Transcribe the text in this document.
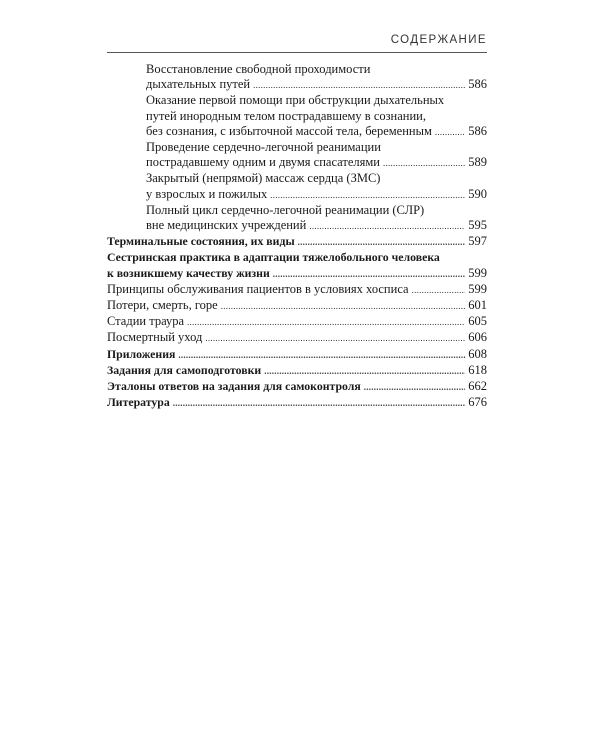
СОДЕРЖАНИЕ
Восстановление свободной проходимости
дыхательных путей . . .	586
Оказание первой помощи при обструкции дыхательных
путей инородным телом пострадавшему в сознании,
без сознания, с избыточной массой тела, беременным . . .	586
Проведение сердечно-легочной реанимации
пострадавшему одним и двумя спасателями . . .	589
Закрытый (непрямой) массаж сердца (ЗМС)
у взрослых и пожилых . . .	590
Полный цикл сердечно-легочной реанимации (СЛР)
вне медицинских учреждений . . .	595
Терминальные состояния, их виды . . .	597
Сестринская практика в адаптации тяжелобольного человека
к возникшему качеству жизни . . .	599
Принципы обслуживания пациентов в условиях хосписа . . .	599
Потери, смерть, горе . . .	601
Стадии траура . . .	605
Посмертный уход . . .	606
Приложения . . .	608
Задания для самоподготовки . . .	618
Эталоны ответов на задания для самоконтроля . . .	662
Литература . . .	676
